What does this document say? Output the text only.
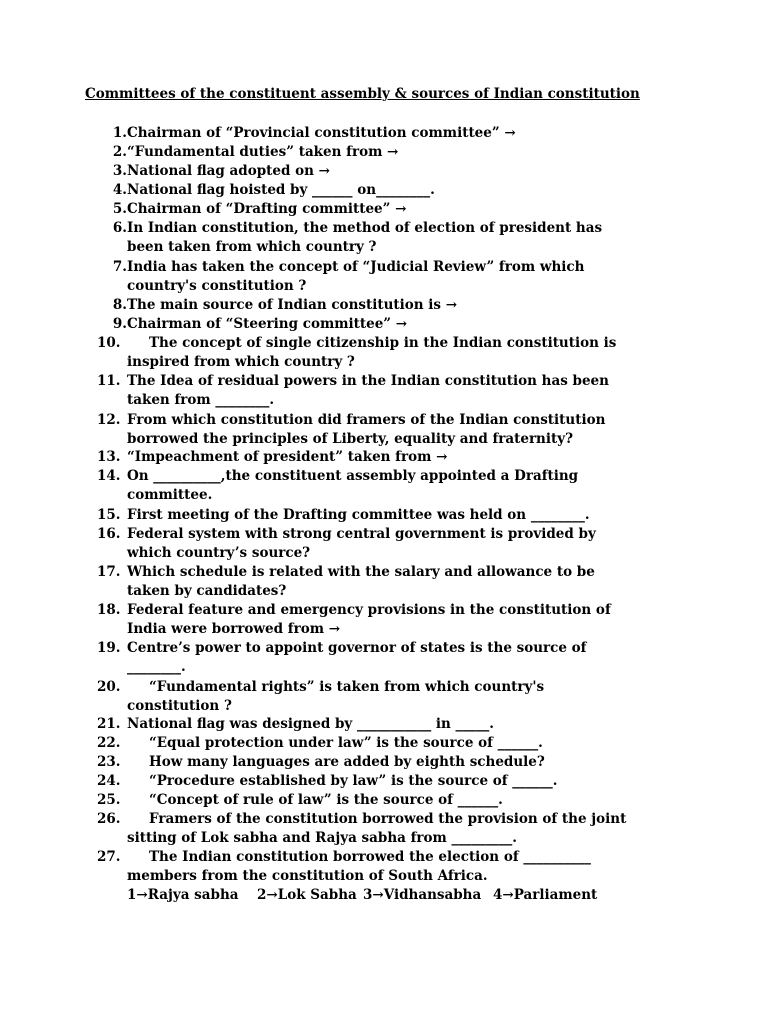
Committees of the constituent assembly & sources of Indian constitution
1. Chairman of “Provincial constitution committee” →
2. “Fundamental duties” taken from →
3. National flag adopted on →
4. National flag hoisted by ______ on________.
5. Chairman of “Drafting committee” →
6. In Indian constitution, the method of election of president has been taken from which country ?
7. India has taken the concept of “Judicial Review” from which country's constitution ?
8. The main source of Indian constitution is →
9. Chairman of “Steering committee” →
10.	The concept of single citizenship in the Indian constitution is inspired from which country ?
11. The Idea of residual powers in the Indian constitution has been taken from ________.
12. From which constitution did framers of the Indian constitution borrowed the principles of Liberty, equality and fraternity?
13. “Impeachment of president” taken from →
14. On __________,the constituent assembly appointed a Drafting committee.
15. First meeting of the Drafting committee was held on ________.
16. Federal system with strong central government is provided by which country’s source?
17. Which schedule is related with the salary and allowance to be taken by candidates?
18. Federal feature and emergency provisions in the constitution of India were borrowed from →
19. Centre’s power to appoint governor of states is the source of ________.
20.	“Fundamental rights” is taken from which country's constitution ?
21. National flag was designed by ___________ in _____.
22.	“Equal protection under law” is the source of ______.
23.	How many languages are added by eighth schedule?
24.	“Procedure established by law” is the source of ______.
25.	“Concept of rule of law” is the source of ______.
26.	Framers of the constitution borrowed the provision of the joint sitting of Lok sabha and Rajya sabha from _________.
27.	The Indian constitution borrowed the election of __________ members from the constitution of South Africa.
1→Rajya sabha 2→Lok Sabha 3→Vidhansabha 4→Parliament
